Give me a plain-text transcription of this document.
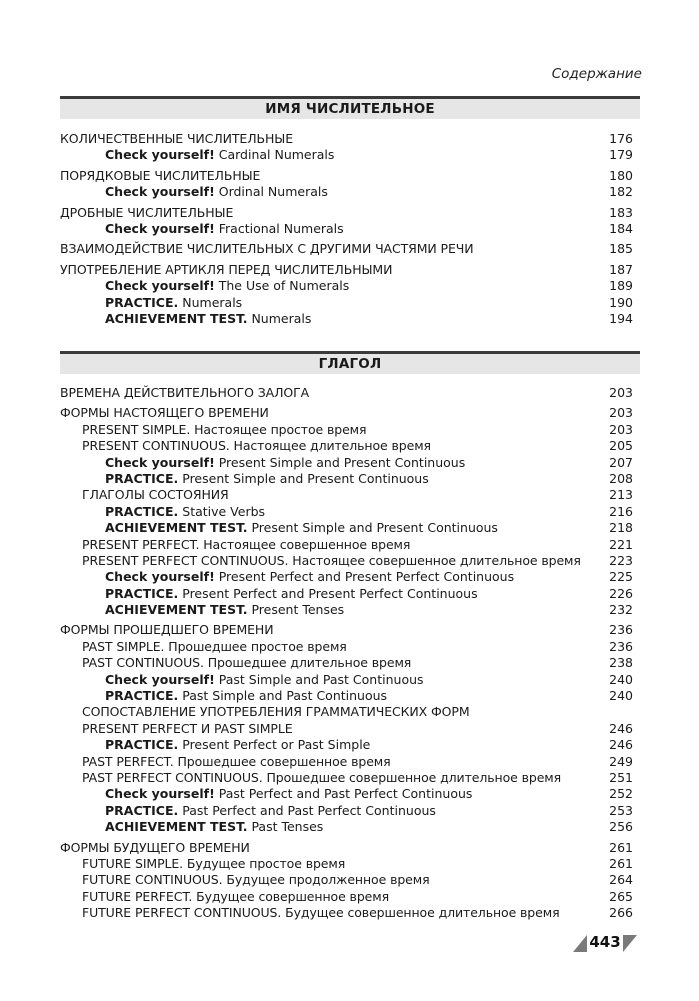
Содержание
ИМЯ ЧИСЛИТЕЛЬНОЕ
КОЛИЧЕСТВЕННЫЕ ЧИСЛИТЕЛЬНЫЕ	176
Check yourself! Cardinal Numerals	179
ПОРЯДКОВЫЕ ЧИСЛИТЕЛЬНЫЕ	180
Check yourself! Ordinal Numerals	182
ДРОБНЫЕ ЧИСЛИТЕЛЬНЫЕ	183
Check yourself! Fractional Numerals	184
ВЗАИМОДЕЙСТВИЕ ЧИСЛИТЕЛЬНЫХ С ДРУГИМИ ЧАСТЯМИ РЕЧИ	185
УПОТРЕБЛЕНИЕ АРТИКЛЯ ПЕРЕД ЧИСЛИТЕЛЬНЫМИ	187
Check yourself! The Use of Numerals	189
PRACTICE. Numerals	190
ACHIEVEMENT TEST. Numerals	194
ГЛАГОЛ
ВРЕМЕНА ДЕЙСТВИТЕЛЬНОГО ЗАЛОГА	203
ФОРМЫ НАСТОЯЩЕГО ВРЕМЕНИ	203
PRESENT SIMPLE. Настоящее простое время	203
PRESENT CONTINUOUS. Настоящее длительное время	205
Check yourself! Present Simple and Present Continuous	207
PRACTICE. Present Simple and Present Continuous	208
ГЛАГОЛЫ СОСТОЯНИЯ	213
PRACTICE. Stative Verbs	216
ACHIEVEMENT TEST. Present Simple and Present Continuous	218
PRESENT PERFECT. Настоящее совершенное время	221
PRESENT PERFECT CONTINUOUS. Настоящее совершенное длительное время	223
Check yourself! Present Perfect and Present Perfect Continuous	225
PRACTICE. Present Perfect and Present Perfect Continuous	226
ACHIEVEMENT TEST. Present Tenses	232
ФОРМЫ ПРОШЕДШЕГО ВРЕМЕНИ	236
PAST SIMPLE. Прошедшее простое время	236
PAST CONTINUOUS. Прошедшее длительное время	238
Check yourself! Past Simple and Past Continuous	240
PRACTICE. Past Simple and Past Continuous	240
СОПОСТАВЛЕНИЕ УПОТРЕБЛЕНИЯ ГРАММАТИЧЕСКИХ ФОРМ
PRESENT PERFECT И PAST SIMPLE	246
PRACTICE. Present Perfect or Past Simple	246
PAST PERFECT. Прошедшее совершенное время	249
PAST PERFECT CONTINUOUS. Прошедшее совершенное длительное время	251
Check yourself! Past Perfect and Past Perfect Continuous	252
PRACTICE. Past Perfect and Past Perfect Continuous	253
ACHIEVEMENT TEST. Past Tenses	256
ФОРМЫ БУДУЩЕГО ВРЕМЕНИ	261
FUTURE SIMPLE. Будущее простое время	261
FUTURE CONTINUOUS. Будущее продолженное время	264
FUTURE PERFECT. Будущее совершенное время	265
FUTURE PERFECT CONTINUOUS. Будущее совершенное длительное время	266
443
